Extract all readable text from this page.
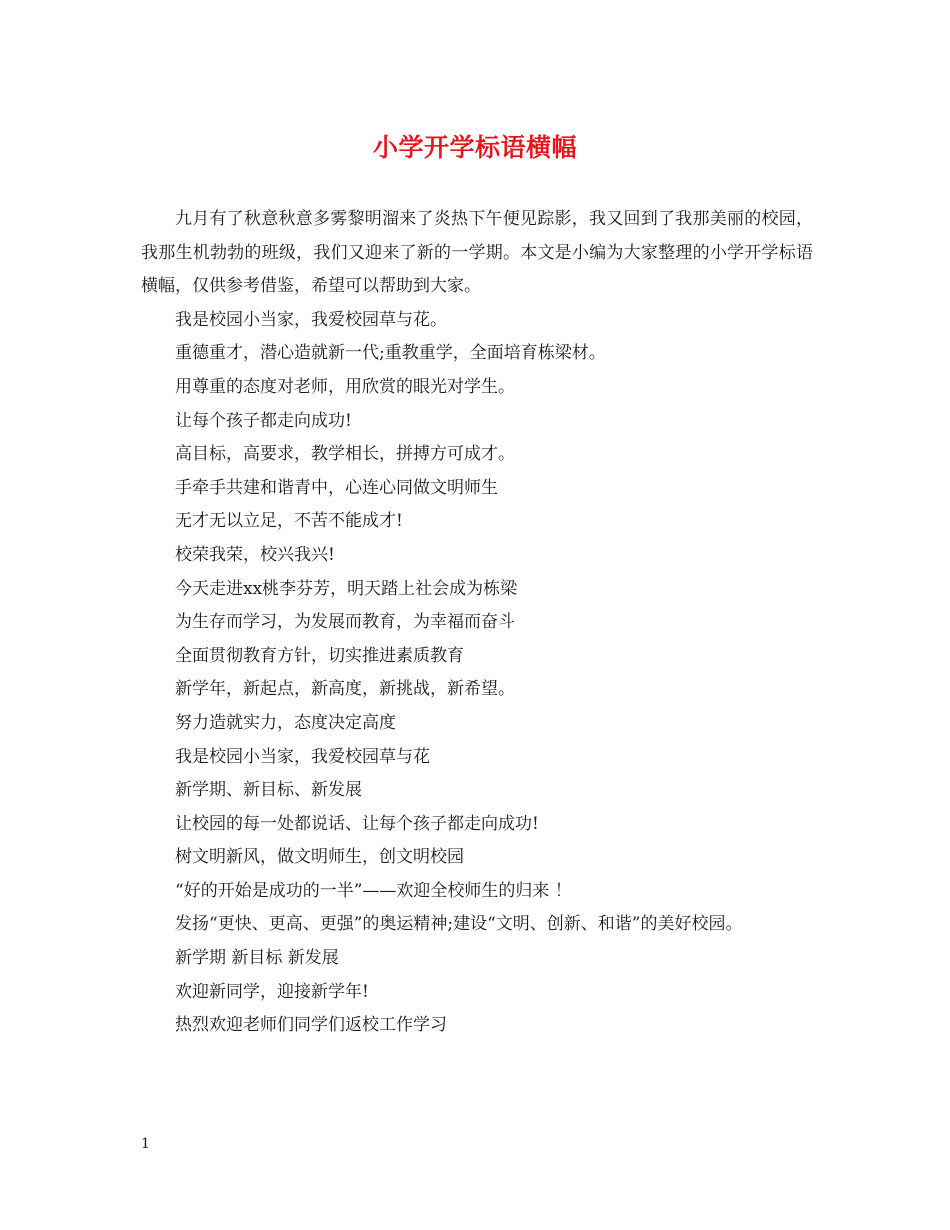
小学开学标语横幅

九月有了秋意秋意多雾黎明溜来了炎热下午便见踪影，我又回到了我那美丽的校园，我那生机勃勃的班级，我们又迎来了新的一学期。本文是小编为大家整理的小学开学标语横幅，仅供参考借鉴，希望可以帮助到大家。

我是校园小当家，我爱校园草与花。

重德重才，潜心造就新一代;重教重学，全面培育栋梁材。

用尊重的态度对老师，用欣赏的眼光对学生。

让每个孩子都走向成功!

高目标，高要求，教学相长，拼搏方可成才。

手牵手共建和谐青中，心连心同做文明师生

无才无以立足，不苦不能成才!

校荣我荣，校兴我兴!

今天走进xx桃李芬芳，明天踏上社会成为栋梁

为生存而学习，为发展而教育，为幸福而奋斗

全面贯彻教育方针，切实推进素质教育

新学年，新起点，新高度，新挑战，新希望。

努力造就实力，态度决定高度

我是校园小当家，我爱校园草与花

新学期、新目标、新发展

让校园的每一处都说话、让每个孩子都走向成功!

树文明新风，做文明师生，创文明校园

“好的开始是成功的一半”——欢迎全校师生的归来 ！

发扬“更快、更高、更强”的奥运精神;建设“文明、创新、和谐”的美好校园。

新学期 新目标 新发展

欢迎新同学，迎接新学年!

热烈欢迎老师们同学们返校工作学习

1
